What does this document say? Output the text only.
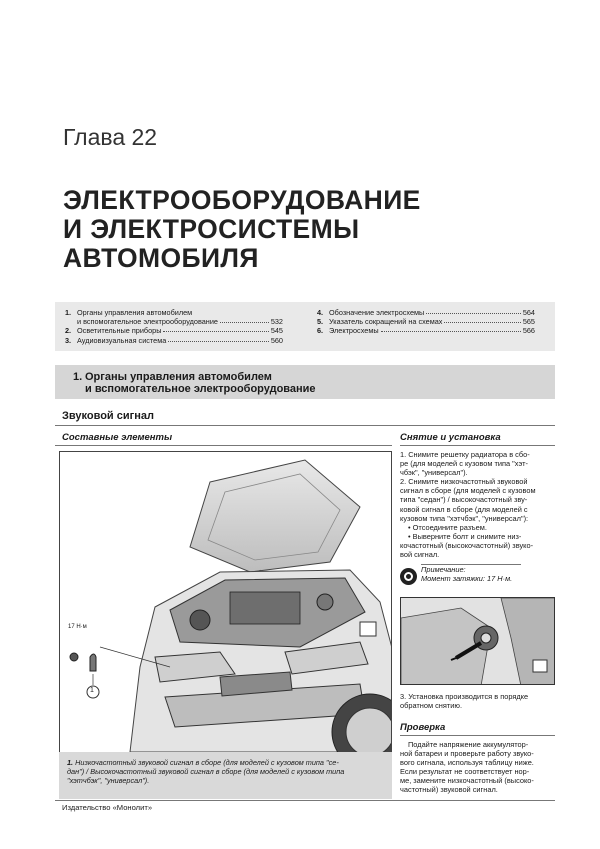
Глава 22
ЭЛЕКТРООБОРУДОВАНИЕ
И ЭЛЕКТРОСИСТЕМЫ
АВТОМОБИЛЯ
1. Органы управления автомобилем
и вспомогательное электрооборудование	532
2. Осветительные приборы	545
3. Аудиовизуальная система	560
4. Обозначение электросхемы	564
5. Указатель сокращений на схемах	565
6. Электросхемы	566
1. Органы управления автомобилем
и вспомогательное электрооборудование
Звуковой сигнал
Составные элементы	Снятие и установка
17 Н·м
1
1. Низкочастотный звуковой сигнал в сборе (для моделей с кузовом типа "се-
дан") / Высокочастотный звуковой сигнал в сборе (для моделей с кузовом типа
"хэтчбэк", "универсал").

1. Снимите решетку радиатора в сбо-

ре (для моделей с кузовом типа "хэт-

чбэк", "универсал").

2. Снимите низкочастотный звуковой

сигнал в сборе (для моделей с кузовом

типа "седан") / высокочастотный зву-

ковой сигнал в сборе (для моделей с

кузовом типа "хэтчбэк", "универсал"):

• Отсоедините разъем.

• Выверните болт и снимите низ-

кочастотный (высокочастотный) звуко-

вой сигнал.

Примечание:
Момент затяжки: 17 Н·м.

3. Установка производится в порядке

обратном снятию.

Проверка

Подайте напряжение аккумулятор-

ной батареи и проверьте работу звуко-

вого сигнала, используя таблицу ниже.

Если результат не соответствует нор-

ме, замените низкочастотный (высоко-

частотный) звуковой сигнал.

Издательство «Монолит»
